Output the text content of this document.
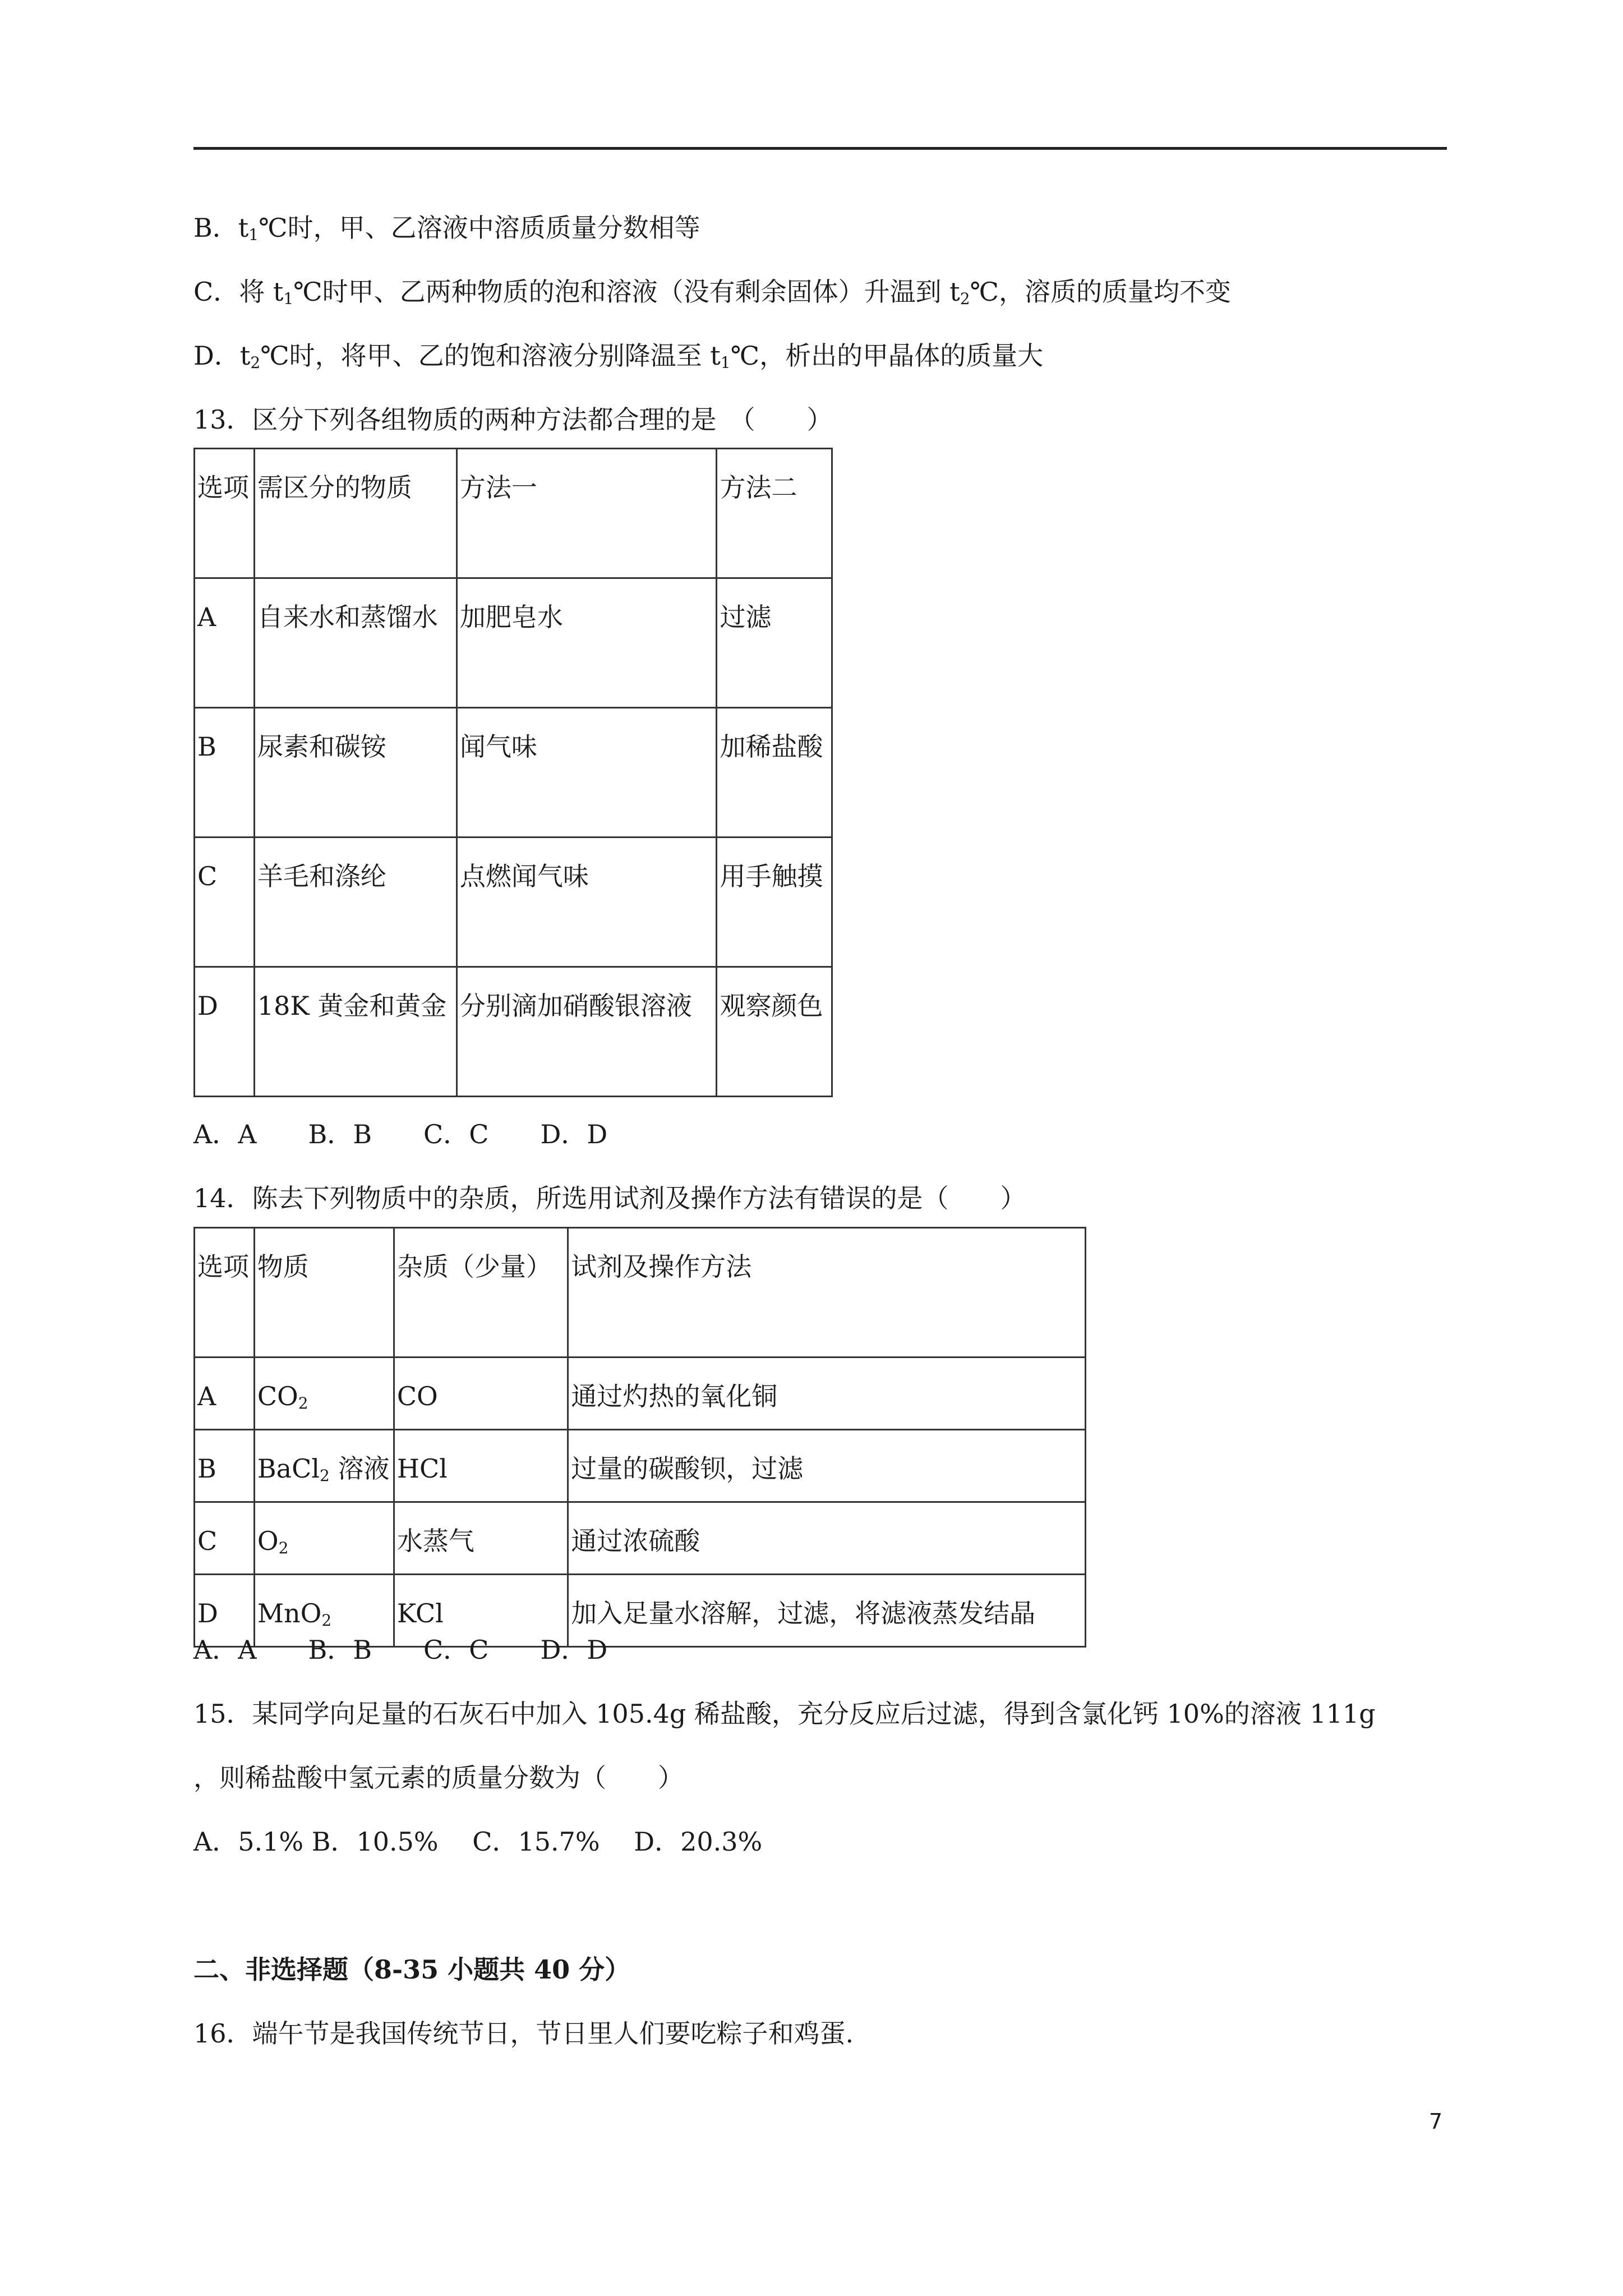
B．$t_1℃$时，甲、乙溶液中溶质质量分数相等
C．将 $t_1℃$时甲、乙两种物质的泡和溶液（没有剩余固体）升温到 $t_2℃$，溶质的质量均不变
D．$t_2℃$时，将甲、乙的饱和溶液分别降温至 $t_1℃$，析出的甲晶体的质量大
13．区分下列各组物质的两种方法都合理的是　（　　）
选项	需区分的物质	方法一	方法二
A	自来水和蒸馏水	加肥皂水	过滤
B	尿素和碳铵	闻气味	加稀盐酸
C	羊毛和涤纶	点燃闻气味	用手触摸
D	18K 黄金和黄金	分别滴加硝酸银溶液	观察颜色
A．A　　B．B　　C．C　　D．D
14．陈去下列物质中的杂质，所选用试剂及操作方法有错误的是（　　）
选项	物质	杂质（少量）	试剂及操作方法
A	$CO_2$	CO	通过灼热的氧化铜
B	BaCl$_2$ 溶液	HCl	过量的碳酸钡，过滤
C	$O_2$	水蒸气	通过浓硫酸
D	MnO$_2$	KCl	加入足量水溶解，过滤，将滤液蒸发结晶
A．A　　B．B　　C．C　　D．D
15．某同学向足量的石灰石中加入 105.4g 稀盐酸，充分反应后过滤，得到含氯化钙 10%的溶液 111g
，则稀盐酸中氢元素的质量分数为（　　）
A．5.1% B．10.5%　 C．15.7%　 D．20.3%
二、非选择题（8-35 小题共 40 分）
16．端午节是我国传统节日，节日里人们要吃粽子和鸡蛋.
7
